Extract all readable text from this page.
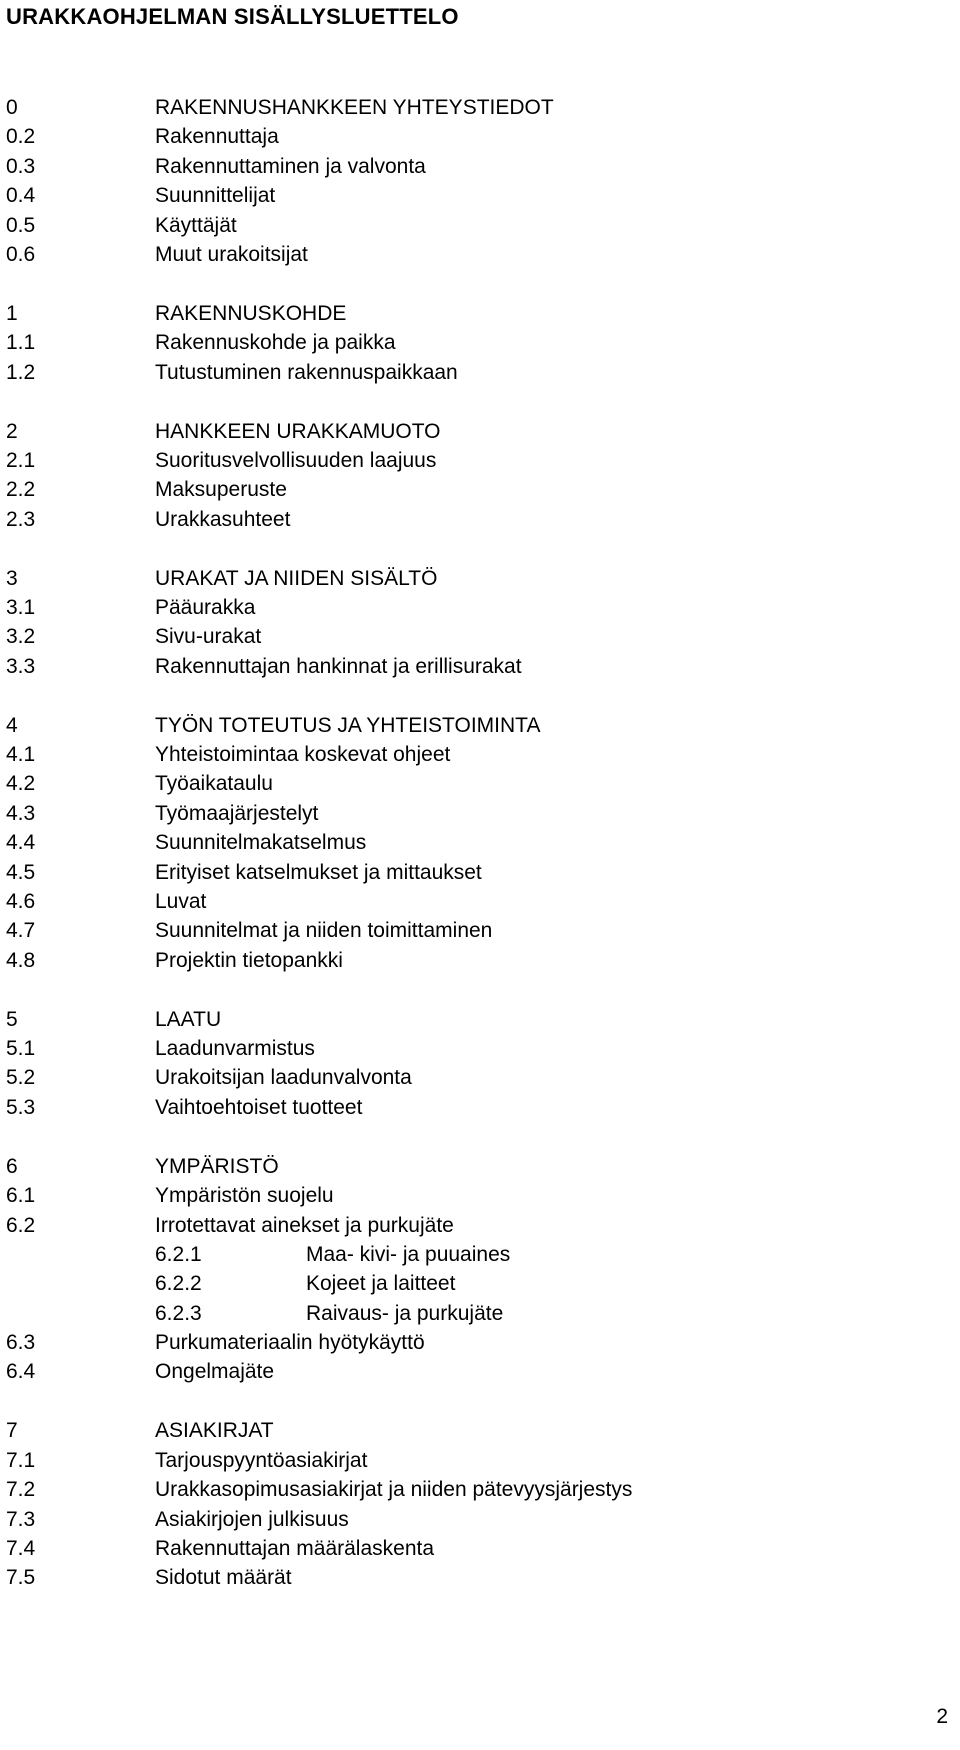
URAKKAOHJELMAN SISÄLLYSLUETTELO
0	RAKENNUSHANKKEEN YHTEYSTIEDOT
0.2	Rakennuttaja
0.3	Rakennuttaminen ja valvonta
0.4	Suunnittelijat
0.5	Käyttäjät
0.6	Muut urakoitsijat
1	RAKENNUSKOHDE
1.1	Rakennuskohde ja paikka
1.2	Tutustuminen rakennuspaikkaan
2	HANKKEEN URAKKAMUOTO
2.1	Suoritusvelvollisuuden laajuus
2.2	Maksuperuste
2.3	Urakkasuhteet
3	URAKAT JA NIIDEN SISÄLTÖ
3.1	Pääurakka
3.2	Sivu-urakat
3.3	Rakennuttajan hankinnat ja erillisurakat
4	TYÖN TOTEUTUS JA YHTEISTOIMINTA
4.1	Yhteistoimintaa koskevat ohjeet
4.2	Työaikataulu
4.3	Työmaajärjestelyt
4.4	Suunnitelmakatselmus
4.5	Erityiset katselmukset ja mittaukset
4.6	Luvat
4.7	Suunnitelmat ja niiden toimittaminen
4.8	Projektin tietopankki
5	LAATU
5.1	Laadunvarmistus
5.2	Urakoitsijan laadunvalvonta
5.3	Vaihtoehtoiset tuotteet
6	YMPÄRISTÖ
6.1	Ympäristön suojelu
6.2	Irrotettavat ainekset ja purkujäte
6.2.1	Maa- kivi- ja puuaines
6.2.2	Kojeet ja laitteet
6.2.3	Raivaus- ja purkujäte
6.3	Purkumateriaalin hyötykäyttö
6.4	Ongelmajäte
7	ASIAKIRJAT
7.1	Tarjouspyyntöasiakirjat
7.2	Urakkasopimusasiakirjat ja niiden pätevyysjärjestys
7.3	Asiakirjojen julkisuus
7.4	Rakennuttajan määrälaskenta
7.5	Sidotut määrät
2
